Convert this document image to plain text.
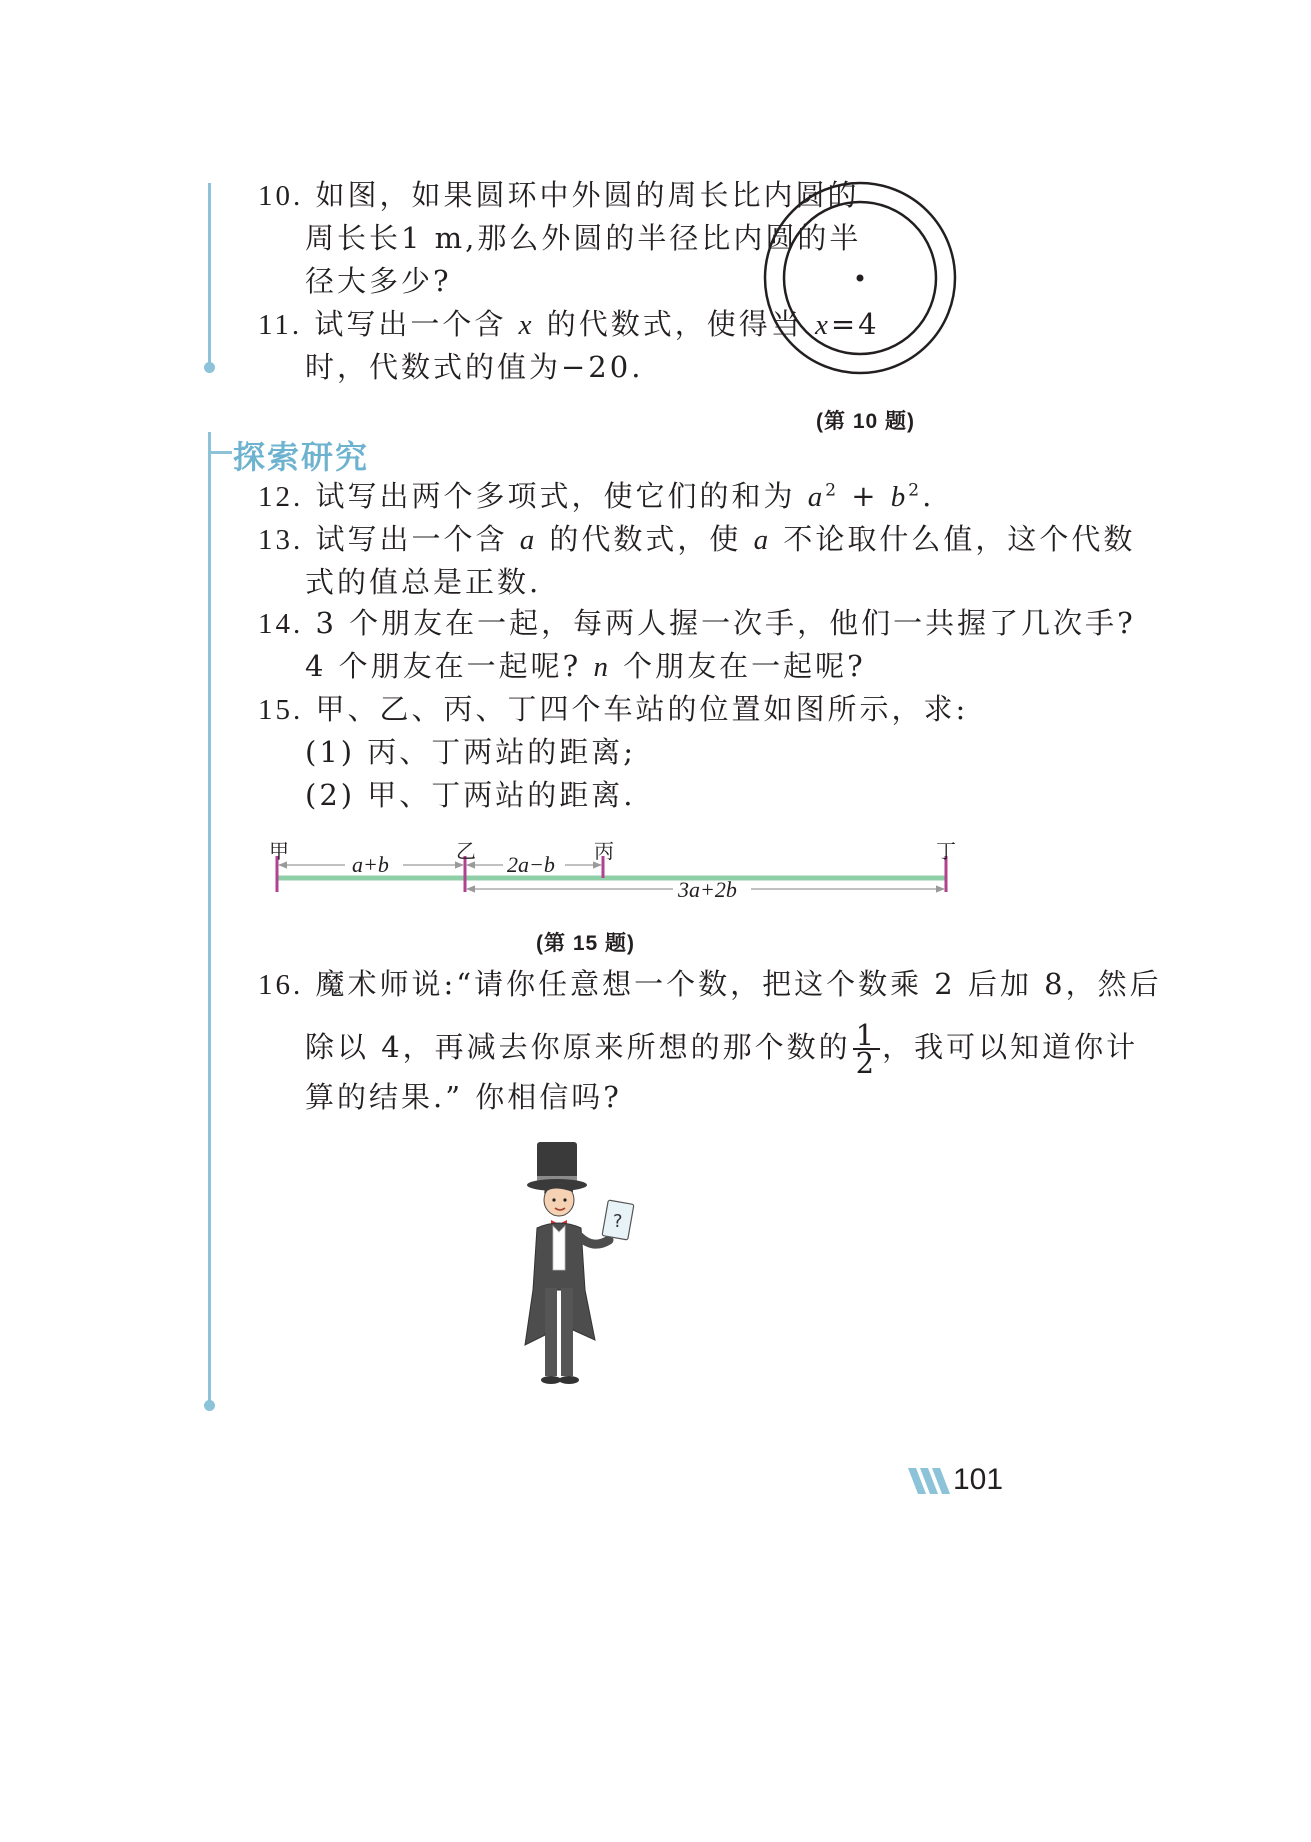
10. 如图，如果圆环中外圆的周长比内圆的
周长长1 m,那么外圆的半径比内圆的半
径大多少?
11. 试写出一个含 x 的代数式，使得当 x=4
时，代数式的值为−20.
(第 10 题)
探索研究
12. 试写出两个多项式，使它们的和为 $a^2 + b^2$.
13. 试写出一个含 a 的代数式，使 a 不论取什么值，这个代数
式的值总是正数.
14. 3 个朋友在一起，每两人握一次手，他们一共握了几次手?
4 个朋友在一起呢? n 个朋友在一起呢?
15. 甲、乙、丙、丁四个车站的位置如图所示，求:
(1) 丙、丁两站的距离;
(2) 甲、丁两站的距离.
甲	乙	丙	丁
a+b	2a−b
3a+2b
(第 15 题)
16. 魔术师说:“请你任意想一个数，把这个数乘 2 后加 8，然后
除以 4，再减去你原来所想的那个数的 $\frac{1}{2}$ ，我可以知道你计
算的结果.” 你相信吗?
?
101
